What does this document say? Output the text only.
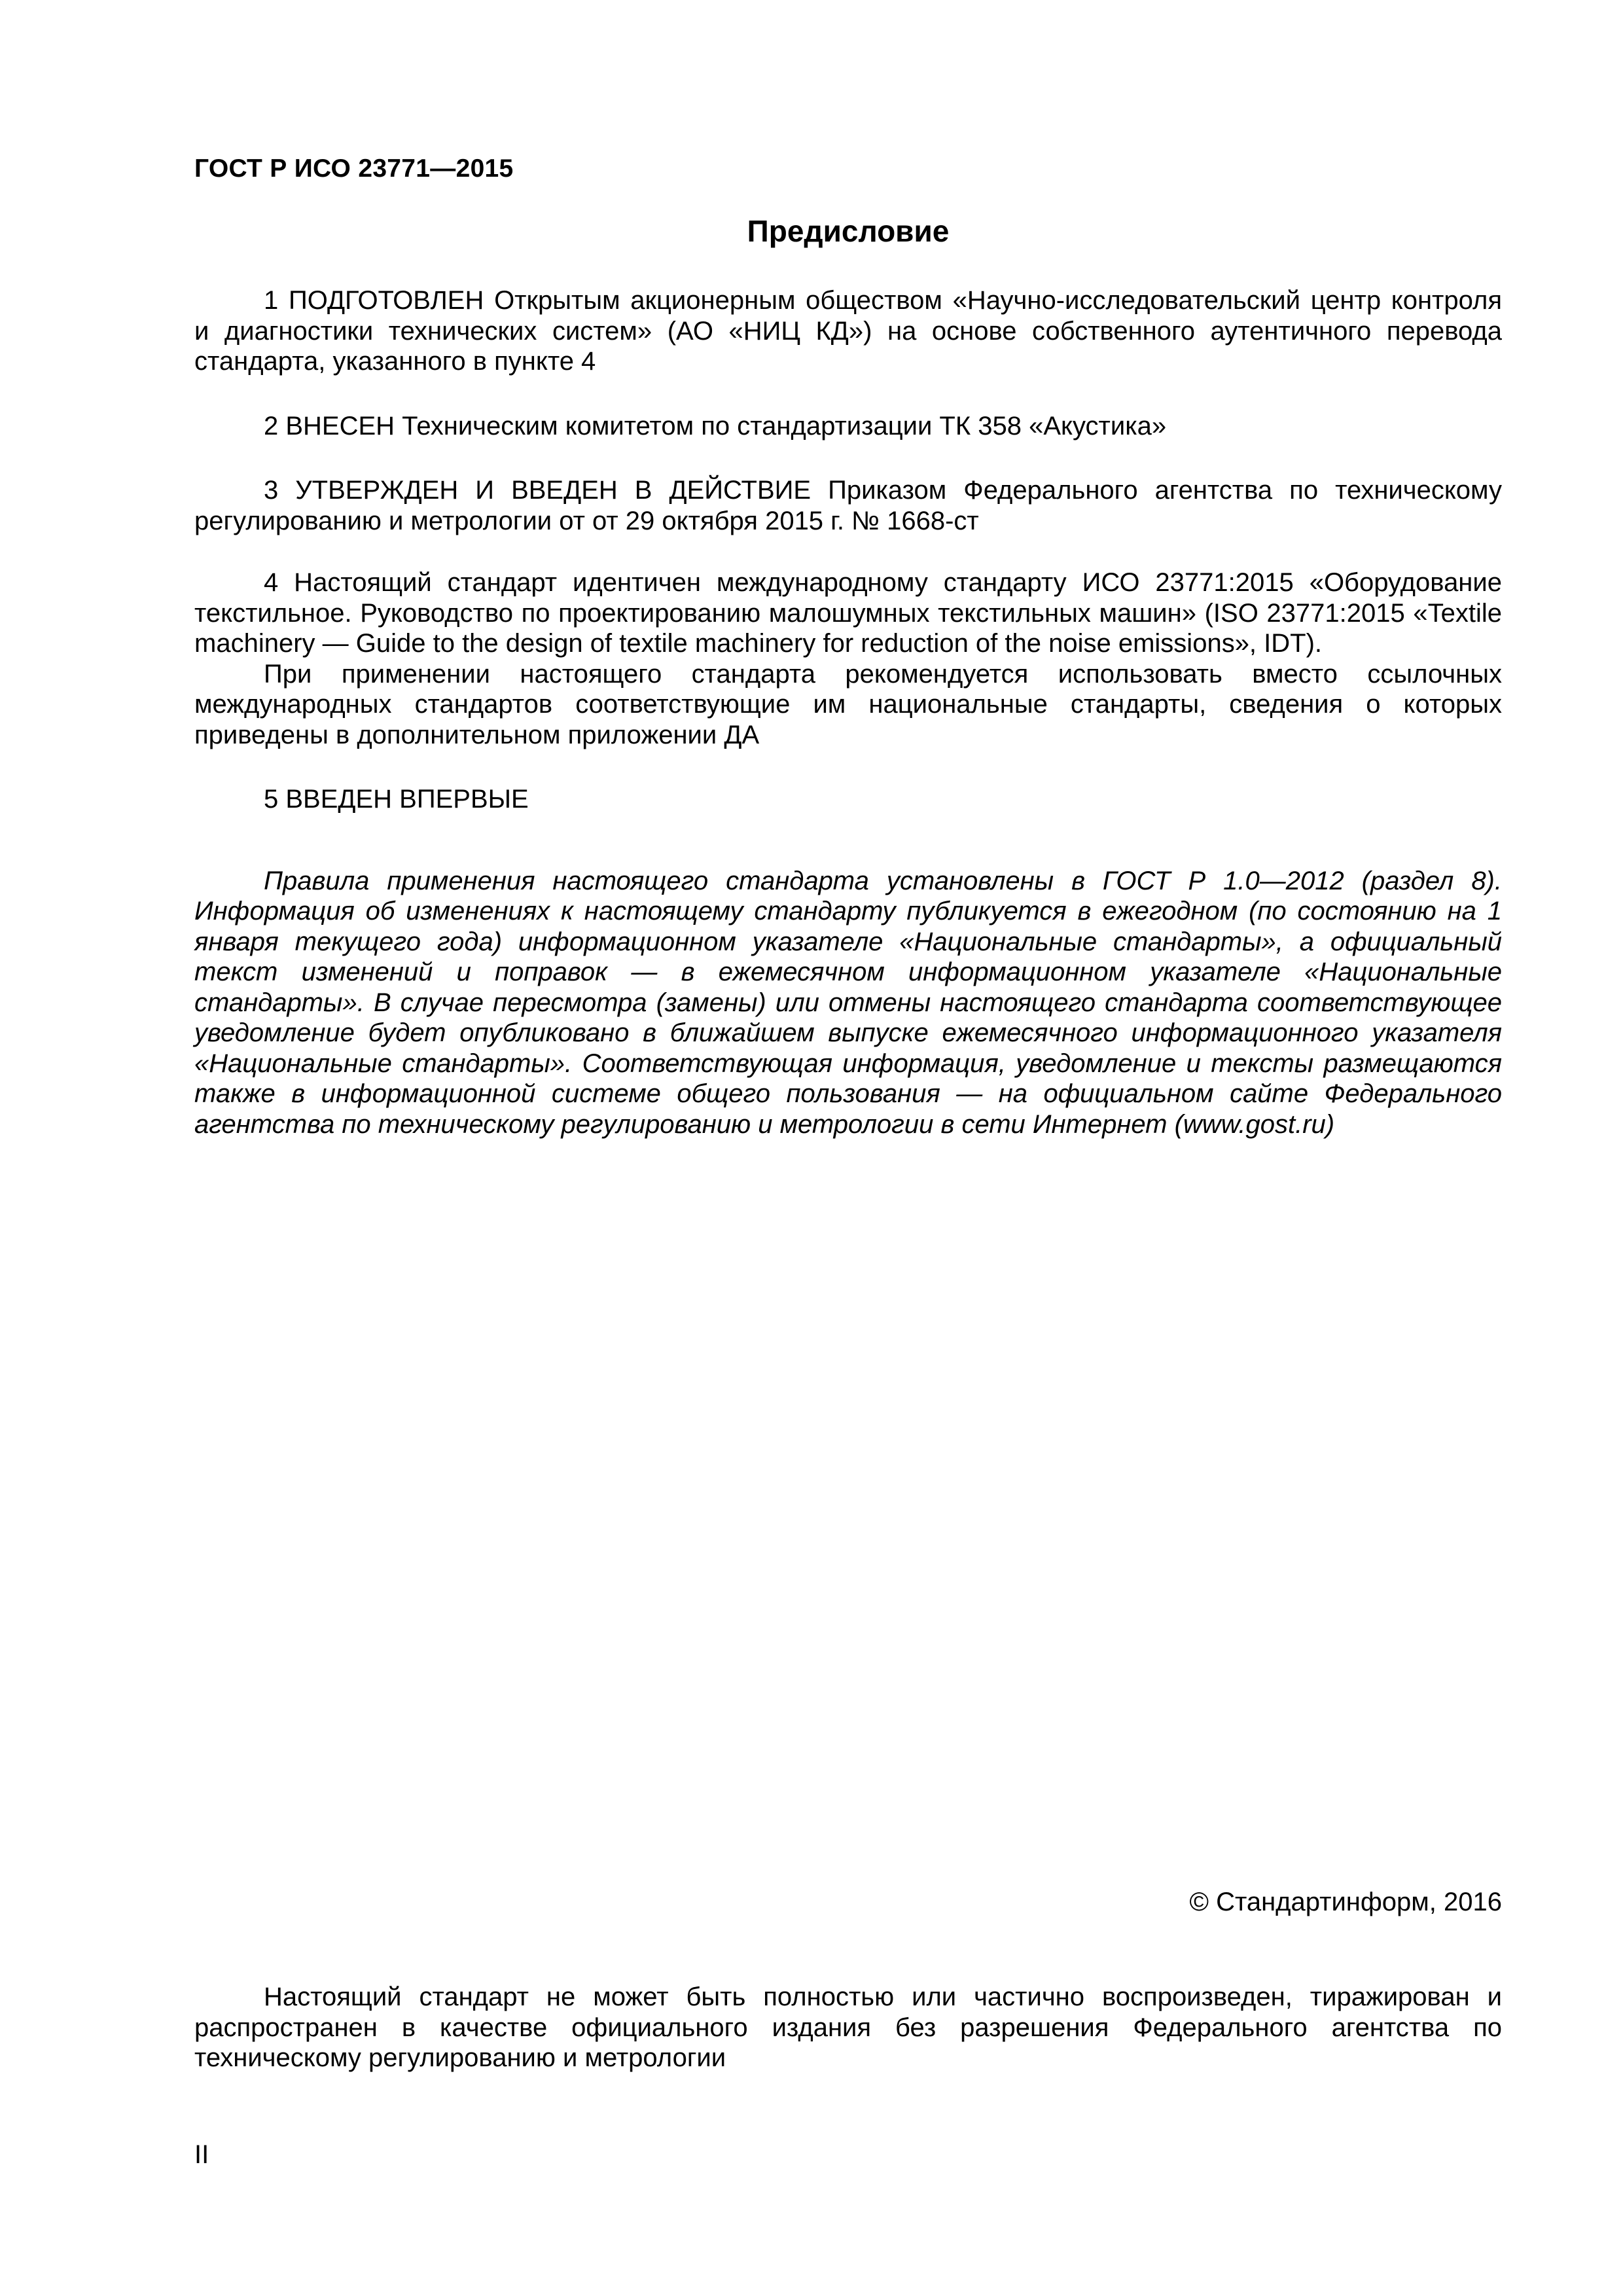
ГОСТ Р ИСО 23771—2015

Предисловие

1 ПОДГОТОВЛЕН Открытым акционерным обществом «Научно-исследовательский центр контроля и диагностики технических систем» (АО «НИЦ КД») на основе собственного аутентичного перевода стандарта, указанного в пункте 4

2 ВНЕСЕН Техническим комитетом по стандартизации ТК 358 «Акустика»

3 УТВЕРЖДЕН И ВВЕДЕН В ДЕЙСТВИЕ Приказом Федерального агентства по техническому регулированию и метрологии от от 29 октября 2015 г. № 1668-ст

4 Настоящий стандарт идентичен международному стандарту ИСО 23771:2015 «Оборудование текстильное. Руководство по проектированию малошумных текстильных машин» (ISO 23771:2015 «Textile machinery — Guide to the design of textile machinery for reduction of the noise emissions», IDT).

При применении настоящего стандарта рекомендуется использовать вместо ссылочных международных стандартов соответствующие им национальные стандарты, сведения о которых приведены в дополнительном приложении ДА

5 ВВЕДЕН ВПЕРВЫЕ

Правила применения настоящего стандарта установлены в ГОСТ Р 1.0—2012 (раздел 8). Информация об изменениях к настоящему стандарту публикуется в ежегодном (по состоянию на 1 января текущего года) информационном указателе «Национальные стандарты», а официальный текст изменений и поправок — в ежемесячном информационном указателе «Национальные стандарты». В случае пересмотра (замены) или отмены настоящего стандарта соответствующее уведомление будет опубликовано в ближайшем выпуске ежемесячного информационного указателя «Национальные стандарты». Соответствующая информация, уведомление и тексты размещаются также в информационной системе общего пользования — на официальном сайте Федерального агентства по техническому регулированию и метрологии в сети Интернет (www.gost.ru)

© Стандартинформ, 2016

Настоящий стандарт не может быть полностью или частично воспроизведен, тиражирован и распространен в качестве официального издания без разрешения Федерального агентства по техническому регулированию и метрологии

II
